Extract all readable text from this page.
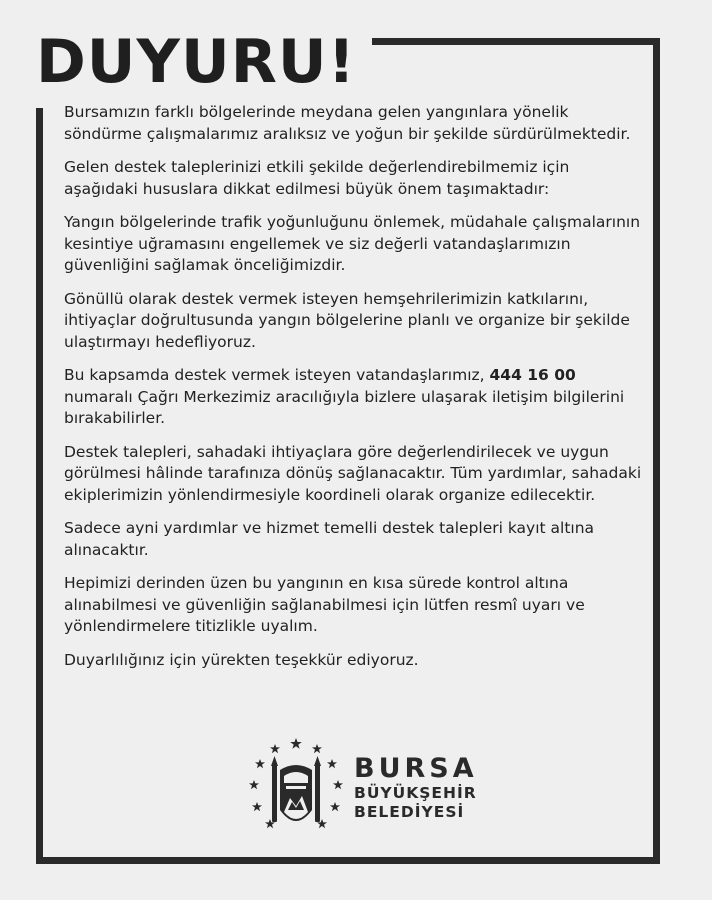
DUYURU!

Bursamızın farklı bölgelerinde meydana gelen yangınlara yönelik söndürme çalışmalarımız aralıksız ve yoğun bir şekilde sürdürülmektedir.

Gelen destek taleplerinizi etkili şekilde değerlendirebilmemiz için aşağıdaki hususlara dikkat edilmesi büyük önem taşımaktadır:

Yangın bölgelerinde trafik yoğunluğunu önlemek, müdahale çalışmalarının kesintiye uğramasını engellemek ve siz değerli vatandaşlarımızın güvenliğini sağlamak önceliğimizdir.

Gönüllü olarak destek vermek isteyen hemşehrilerimizin katkılarını, ihtiyaçlar doğrultusunda yangın bölgelerine planlı ve organize bir şekilde ulaştırmayı hedefliyoruz.

Bu kapsamda destek vermek isteyen vatandaşlarımız, 444 16 00 numaralı Çağrı Merkezimiz aracılığıyla bizlere ulaşarak iletişim bilgilerini bırakabilirler.

Destek talepleri, sahadaki ihtiyaçlara göre değerlendirilecek ve uygun görülmesi hâlinde tarafınıza dönüş sağlanacaktır. Tüm yardımlar, sahadaki ekiplerimizin yönlendirmesiyle koordineli olarak organize edilecektir.

Sadece ayni yardımlar ve hizmet temelli destek talepleri kayıt altına alınacaktır.

Hepimizi derinden üzen bu yangının en kısa sürede kontrol altına alınabilmesi ve güvenliğin sağlanabilmesi için lütfen resmî uyarı ve yönlendirmelere titizlikle uyalım.

Duyarlılığınız için yürekten teşekkür ediyoruz.

BURSA
BÜYÜKŞEHİR
BELEDİYESİ
